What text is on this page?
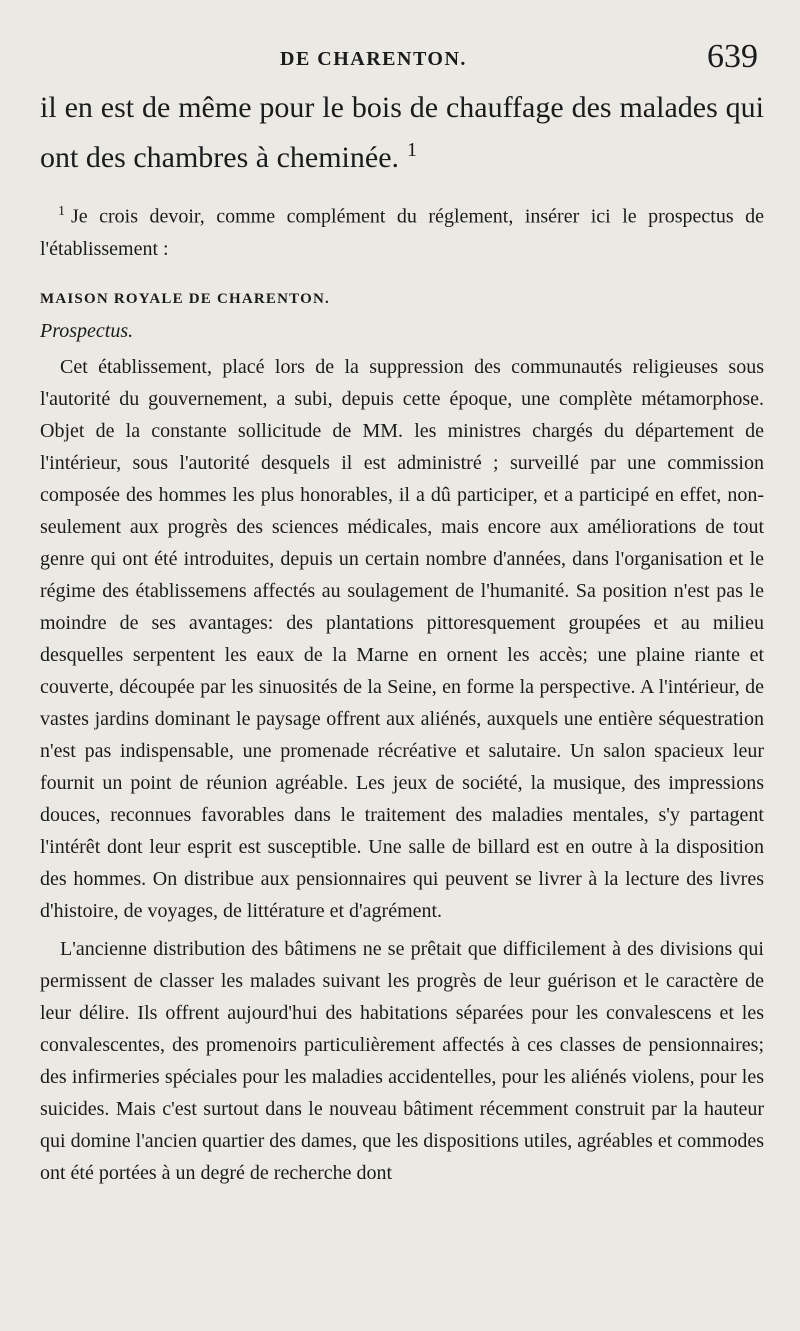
DE CHARENTON.	639
il en est de même pour le bois de chauffage des malades qui ont des chambres à cheminée. $^1$

$^1$ Je crois devoir, comme complément du réglement, insérer ici le prospectus de l'établissement :

MAISON ROYALE DE CHARENTON.

Prospectus.

Cet établissement, placé lors de la suppression des communautés religieuses sous l'autorité du gouvernement, a subi, depuis cette époque, une complète métamorphose. Objet de la constante sollicitude de MM. les ministres chargés du département de l'intérieur, sous l'autorité desquels il est administré ; surveillé par une commission composée des hommes les plus honorables, il a dû participer, et a participé en effet, non-seulement aux progrès des sciences médicales, mais encore aux améliorations de tout genre qui ont été introduites, depuis un certain nombre d'années, dans l'organisation et le régime des établissemens affectés au soulagement de l'humanité. Sa position n'est pas le moindre de ses avantages: des plantations pittoresquement groupées et au milieu desquelles serpentent les eaux de la Marne en ornent les accès; une plaine riante et couverte, découpée par les sinuosités de la Seine, en forme la perspective. A l'intérieur, de vastes jardins dominant le paysage offrent aux aliénés, auxquels une entière séquestration n'est pas indispensable, une promenade récréative et salutaire. Un salon spacieux leur fournit un point de réunion agréable. Les jeux de société, la musique, des impressions douces, reconnues favorables dans le traitement des maladies mentales, s'y partagent l'intérêt dont leur esprit est susceptible. Une salle de billard est en outre à la disposition des hommes. On distribue aux pensionnaires qui peuvent se livrer à la lecture des livres d'histoire, de voyages, de littérature et d'agrément.

L'ancienne distribution des bâtimens ne se prêtait que difficilement à des divisions qui permissent de classer les malades suivant les progrès de leur guérison et le caractère de leur délire. Ils offrent aujourd'hui des habitations séparées pour les convalescens et les convalescentes, des promenoirs particulièrement affectés à ces classes de pensionnaires; des infirmeries spéciales pour les maladies accidentelles, pour les aliénés violens, pour les suicides. Mais c'est surtout dans le nouveau bâtiment récemment construit par la hauteur qui domine l'ancien quartier des dames, que les dispositions utiles, agréables et commodes ont été portées à un degré de recherche dont
